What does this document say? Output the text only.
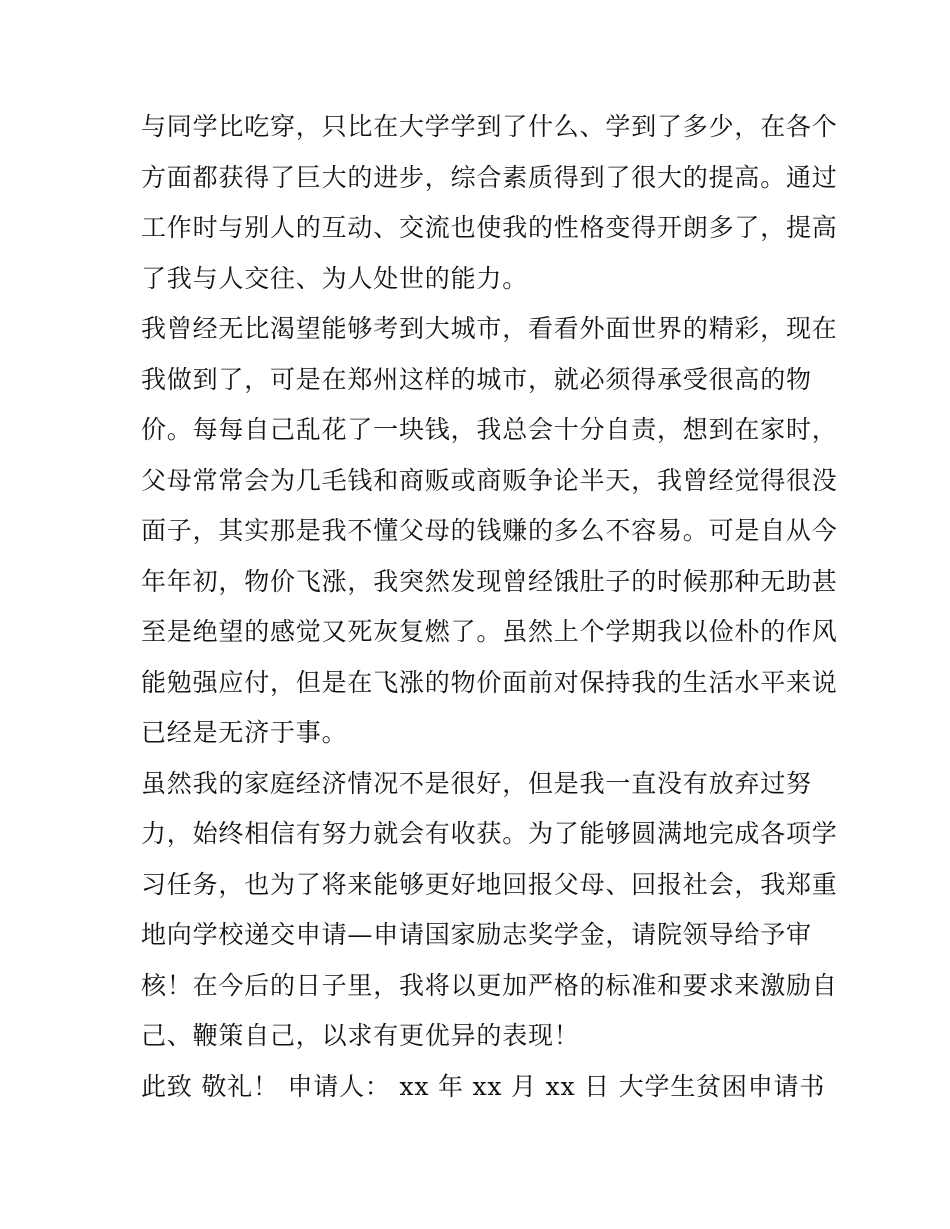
与同学比吃穿，只比在大学学到了什么、学到了多少，在各个
方面都获得了巨大的进步，综合素质得到了很大的提高。通过
工作时与别人的互动、交流也使我的性格变得开朗多了，提高
了我与人交往、为人处世的能力。
我曾经无比渴望能够考到大城市，看看外面世界的精彩，现在
我做到了，可是在郑州这样的城市，就必须得承受很高的物
价。每每自己乱花了一块钱，我总会十分自责，想到在家时，
父母常常会为几毛钱和商贩或商贩争论半天，我曾经觉得很没
面子，其实那是我不懂父母的钱赚的多么不容易。可是自从今
年年初，物价飞涨，我突然发现曾经饿肚子的时候那种无助甚
至是绝望的感觉又死灰复燃了。虽然上个学期我以俭朴的作风
能勉强应付，但是在飞涨的物价面前对保持我的生活水平来说
已经是无济于事。
虽然我的家庭经济情况不是很好，但是我一直没有放弃过努
力，始终相信有努力就会有收获。为了能够圆满地完成各项学
习任务，也为了将来能够更好地回报父母、回报社会，我郑重
地向学校递交申请—申请国家励志奖学金，请院领导给予审
核！在今后的日子里，我将以更加严格的标准和要求来激励自
己、鞭策自己，以求有更优异的表现！
此致 敬礼！ 申请人： xx 年 xx 月 xx 日 大学生贫困申请书
